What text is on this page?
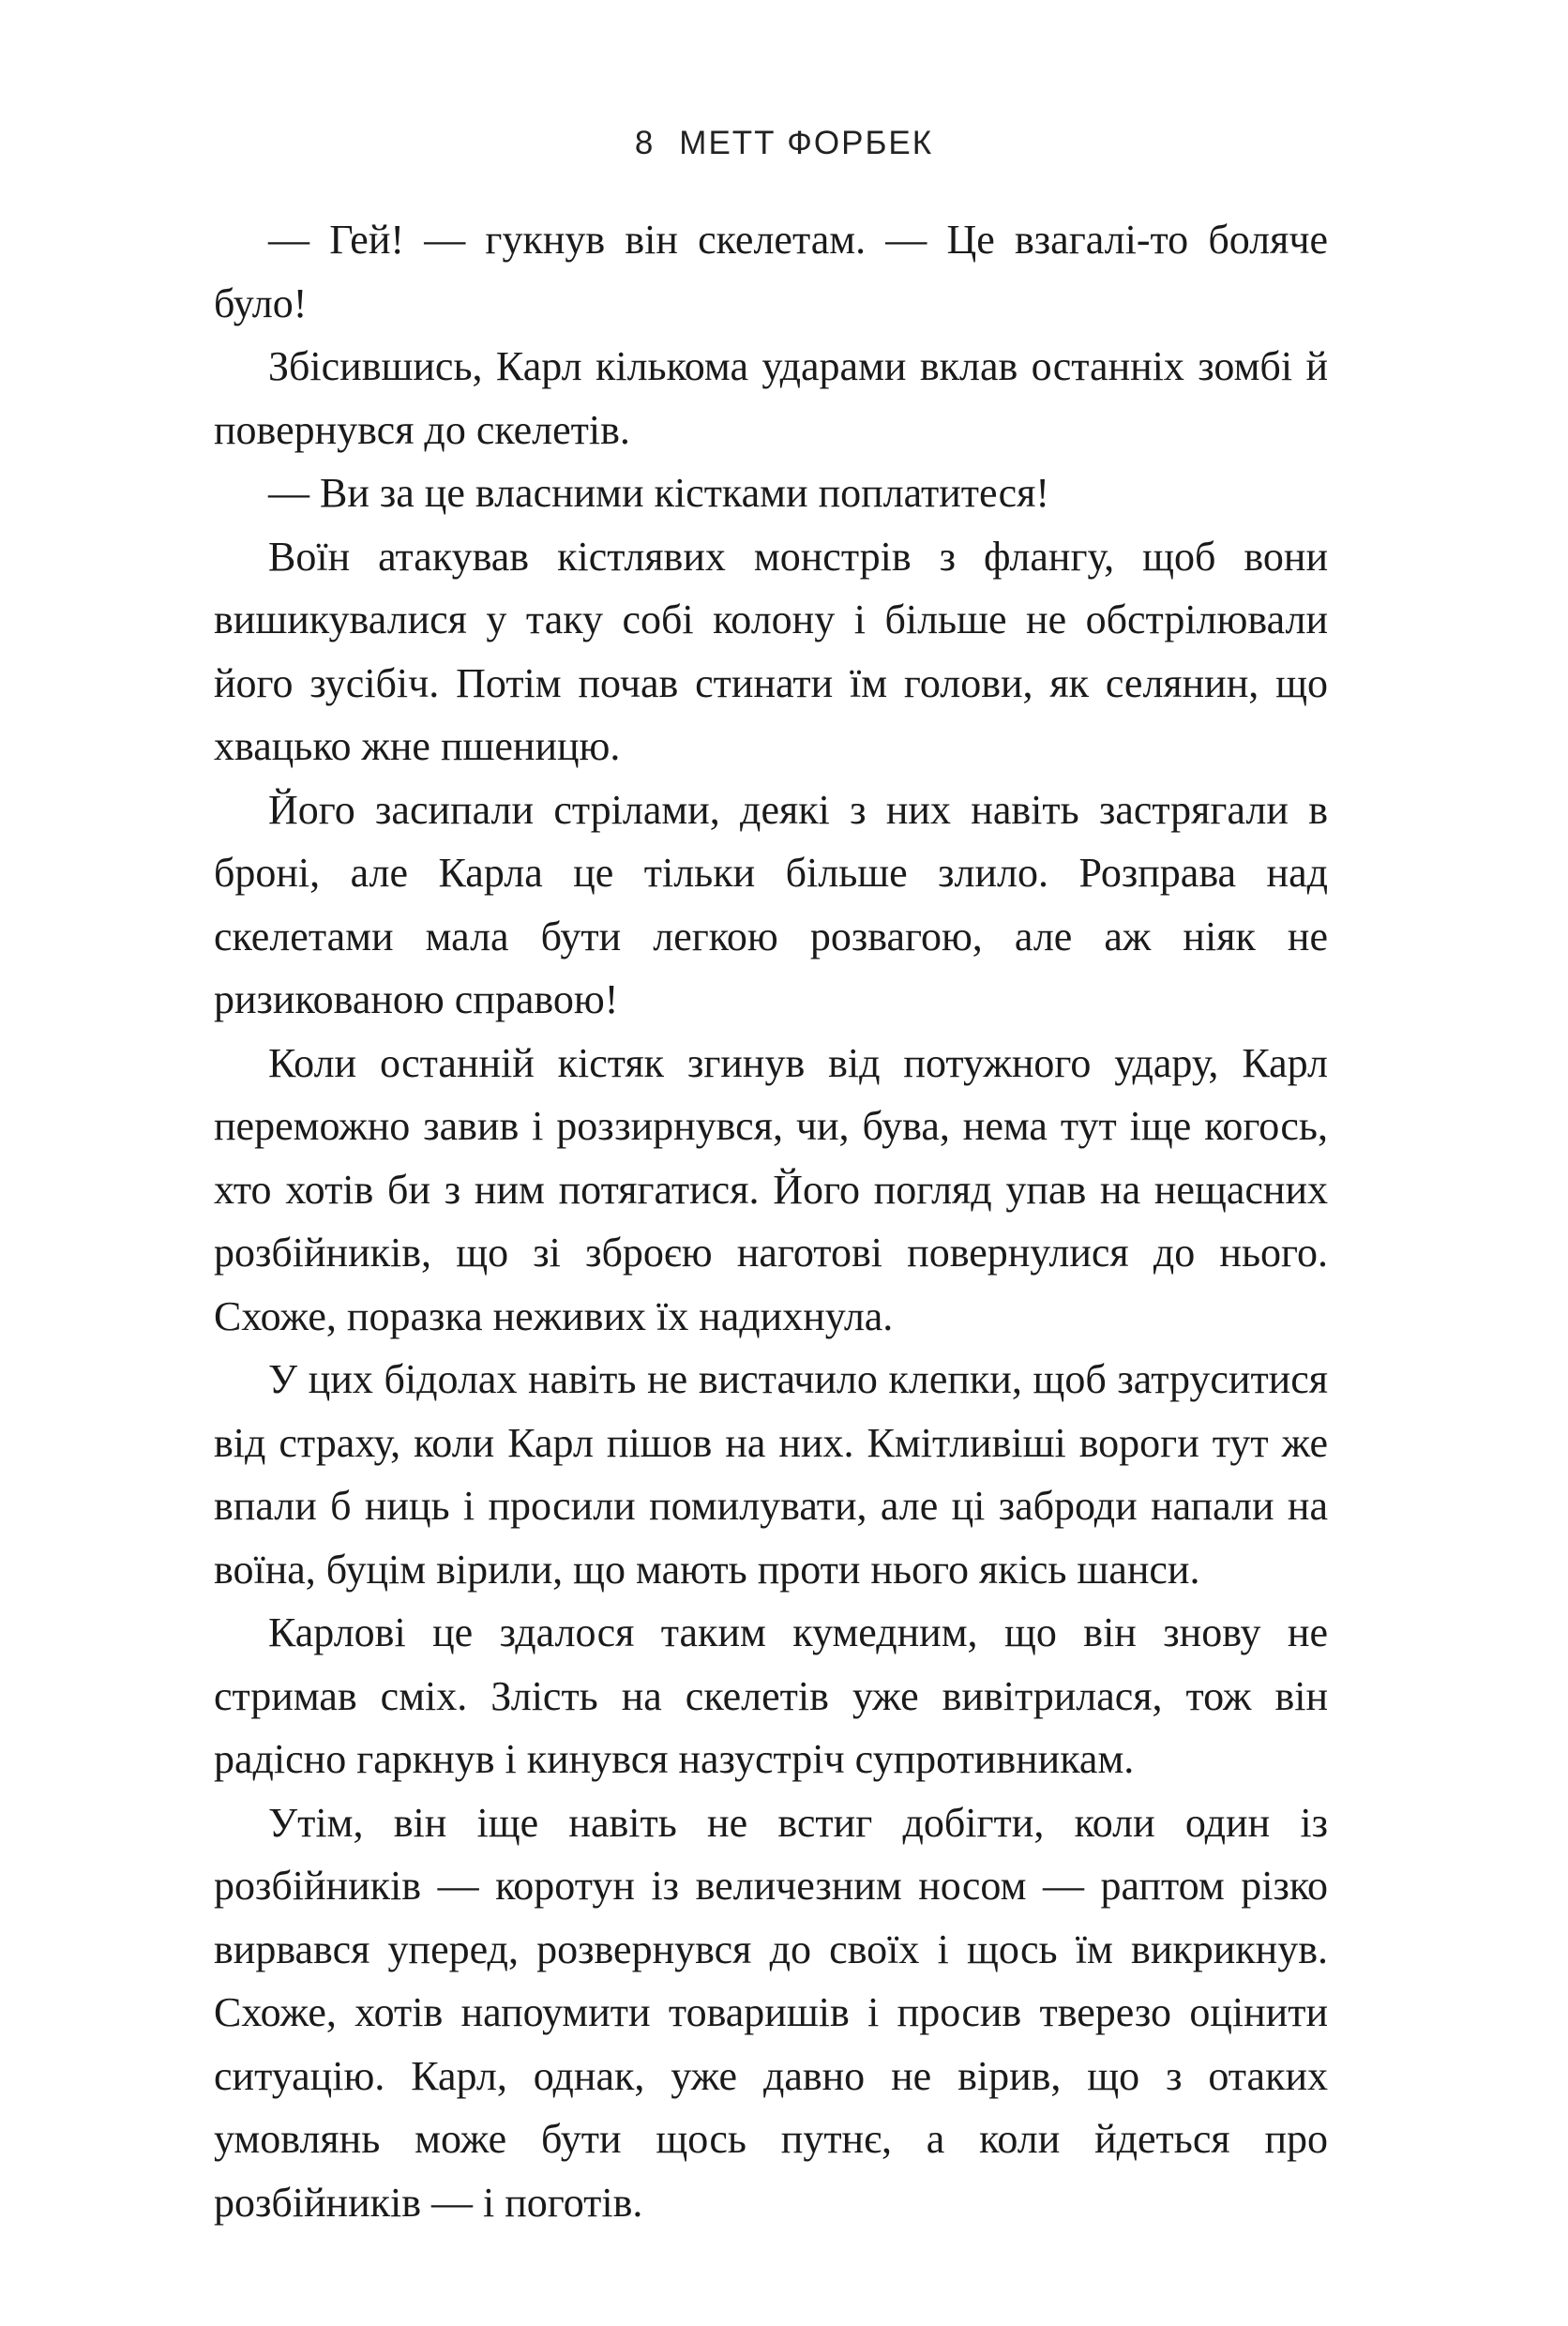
8 МЕТТ ФОРБЕК

— Гей! — гукнув він скелетам. — Це взагалі-то боляче було!

Збісившись, Карл кількома ударами вклав останніх зомбі й повернувся до скелетів.

— Ви за це власними кістками поплатитеся!

Воїн атакував кістлявих монстрів з флангу, щоб вони вишикувалися у таку собі колону і більше не обстрілювали його зусібіч. Потім почав стинати їм голови, як селянин, що хвацько жне пшеницю.

Його засипали стрілами, деякі з них навіть застрягали в броні, але Карла це тільки більше злило. Розправа над скелетами мала бути легкою розвагою, але аж ніяк не ризикованою справою!

Коли останній кістяк згинув від потужного удару, Карл переможно завив і роззирнувся, чи, бува, нема тут іще когось, хто хотів би з ним потягатися. Його погляд упав на нещасних розбійників, що зі зброєю наготові повернулися до нього. Схоже, поразка неживих їх надихнула.

У цих бідолах навіть не вистачило клепки, щоб затруситися від страху, коли Карл пішов на них. Кмітливіші вороги тут же впали б ниць і просили помилувати, але ці заброди напали на воїна, буцім вірили, що мають проти нього якісь шанси.

Карлові це здалося таким кумедним, що він знову не стримав сміх. Злість на скелетів уже вивітрилася, тож він радісно гаркнув і кинувся назустріч супротивникам.

Утім, він іще навіть не встиг добігти, коли один із розбійників — коротун із величезним носом — раптом різко вирвався уперед, розвернувся до своїх і щось їм викрикнув. Схоже, хотів напоумити товаришів і просив тверезо оцінити ситуацію. Карл, однак, уже давно не вірив, що з отаких умовлянь може бути щось путнє, а коли йдеться про розбійників — і поготів.
